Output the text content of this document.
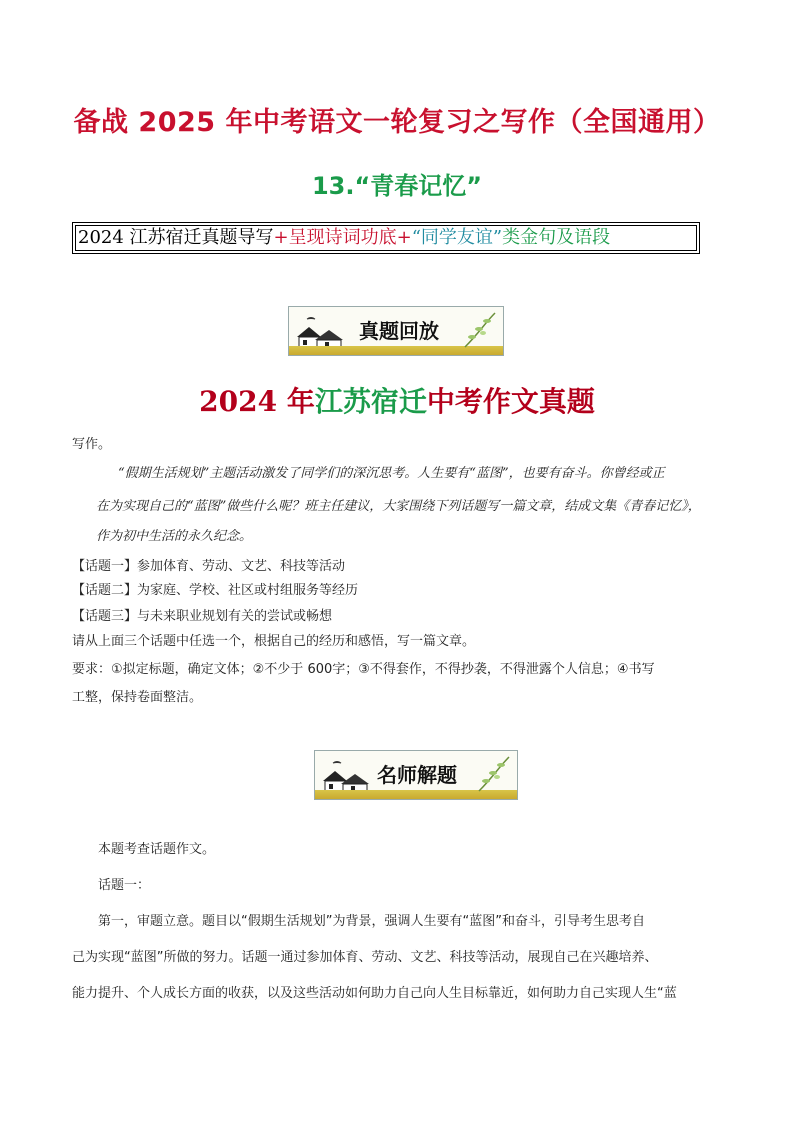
备战 2025 年中考语文一轮复习之写作（全国通用）
13.“青春记忆”
2024 江苏宿迁真题导写+呈现诗词功底+“同学友谊”类金句及语段
真题回放
2024 年江苏宿迁中考作文真题
写作。
“假期生活规划”主题活动激发了同学们的深沉思考。人生要有“蓝图”，也要有奋斗。你曾经或正
在为实现自己的“蓝图”做些什么呢？班主任建议，大家围绕下列话题写一篇文章，结成文集《青春记忆》，
作为初中生活的永久纪念。
【话题一】参加体育、劳动、文艺、科技等活动
【话题二】为家庭、学校、社区或村组服务等经历
【话题三】与未来职业规划有关的尝试或畅想
请从上面三个话题中任选一个，根据自己的经历和感悟，写一篇文章。
要求：①拟定标题，确定文体；②不少于 600字；③不得套作，不得抄袭，不得泄露个人信息；④书写
工整，保持卷面整洁。
名师解题
本题考查话题作文。
话题一：
第一，审题立意。题目以“假期生活规划”为背景，强调人生要有“蓝图”和奋斗，引导考生思考自
己为实现“蓝图”所做的努力。话题一通过参加体育、劳动、文艺、科技等活动，展现自己在兴趣培养、
能力提升、个人成长方面的收获，以及这些活动如何助力自己向人生目标靠近，如何助力自己实现人生“蓝
